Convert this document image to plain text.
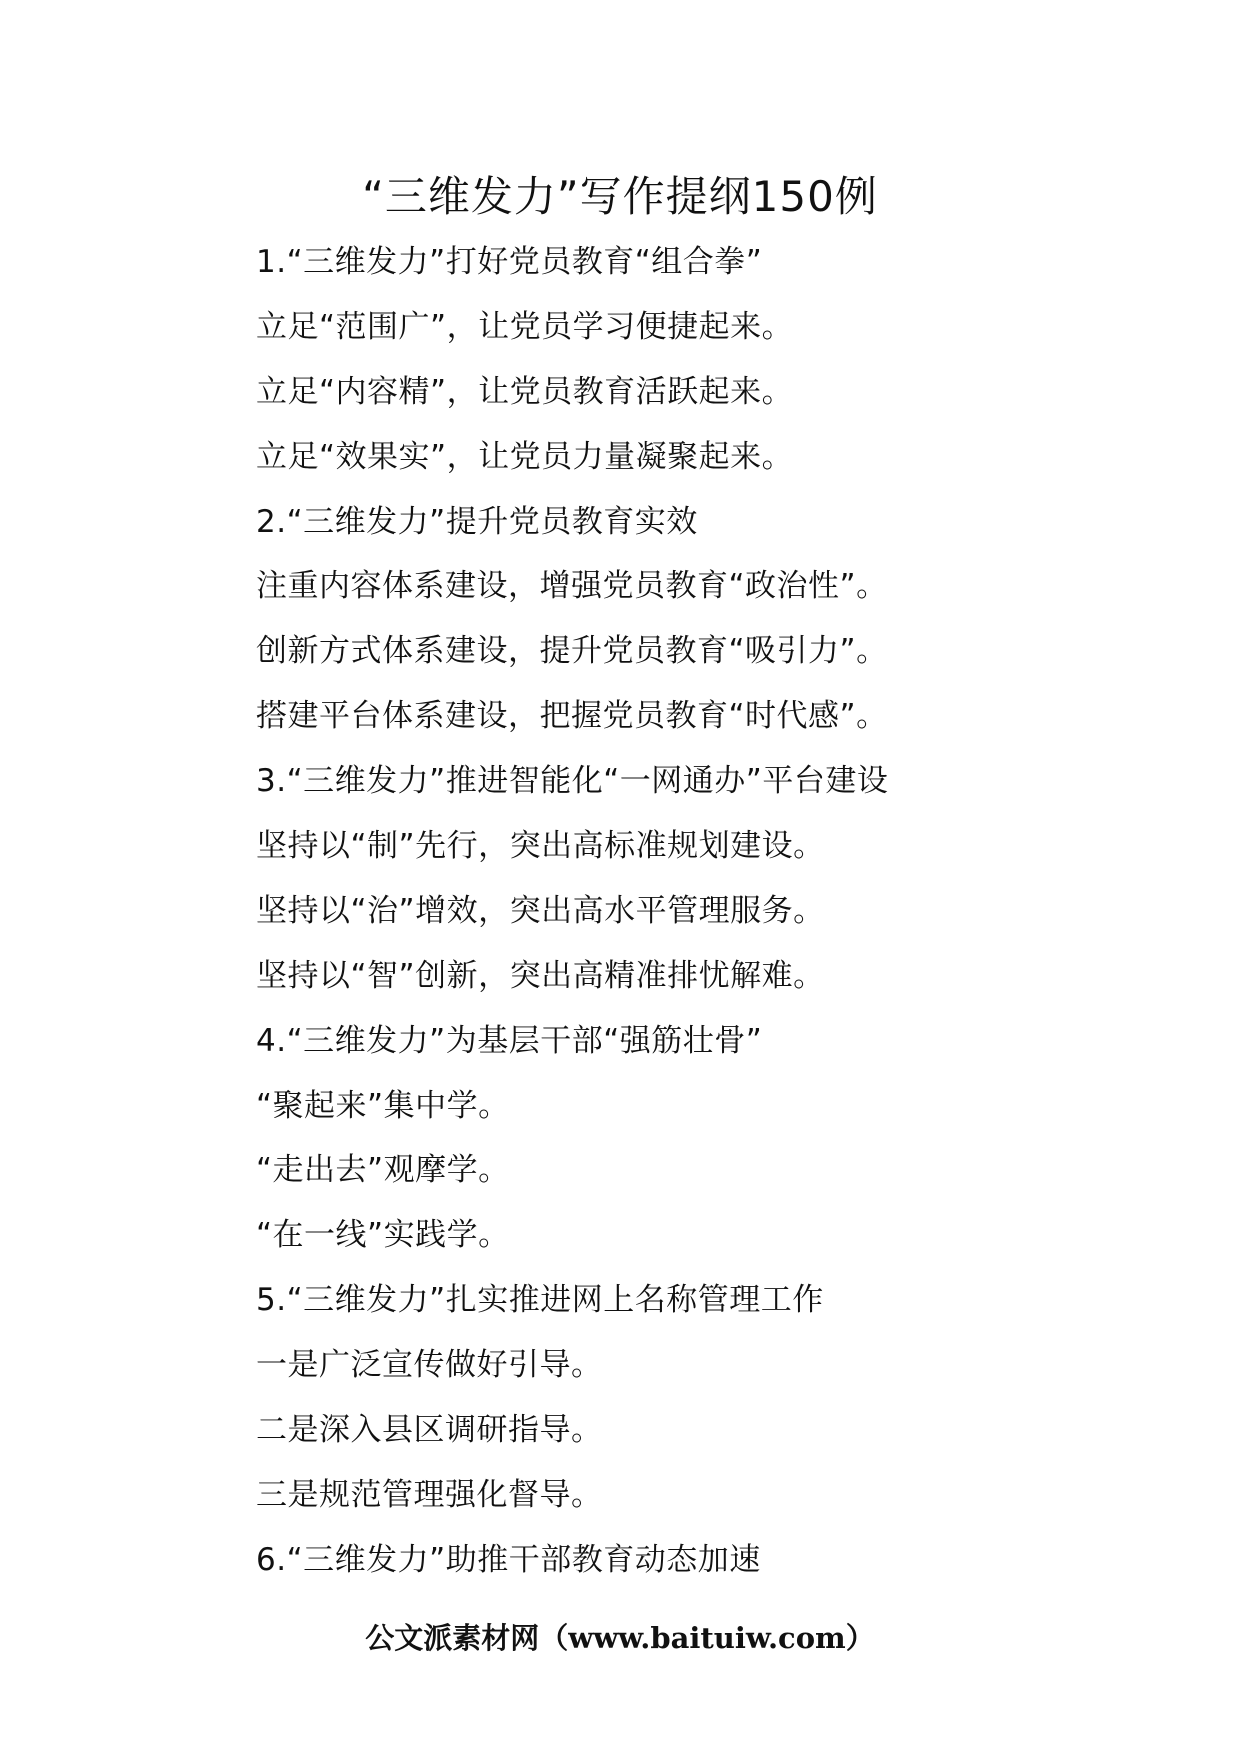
“三维发力”写作提纲150例
1.“三维发力”打好党员教育“组合拳”
立足“范围广”，让党员学习便捷起来。
立足“内容精”，让党员教育活跃起来。
立足“效果实”，让党员力量凝聚起来。
2.“三维发力”提升党员教育实效
注重内容体系建设，增强党员教育“政治性”。
创新方式体系建设，提升党员教育“吸引力”。
搭建平台体系建设，把握党员教育“时代感”。
3.“三维发力”推进智能化“一网通办”平台建设
坚持以“制”先行，突出高标准规划建设。
坚持以“治”增效，突出高水平管理服务。
坚持以“智”创新，突出高精准排忧解难。
4.“三维发力”为基层干部“强筋壮骨”
“聚起来”集中学。
“走出去”观摩学。
“在一线”实践学。
5.“三维发力”扎实推进网上名称管理工作
一是广泛宣传做好引导。
二是深入县区调研指导。
三是规范管理强化督导。
6.“三维发力”助推干部教育动态加速
公文派素材网（www.baituiw.com）
